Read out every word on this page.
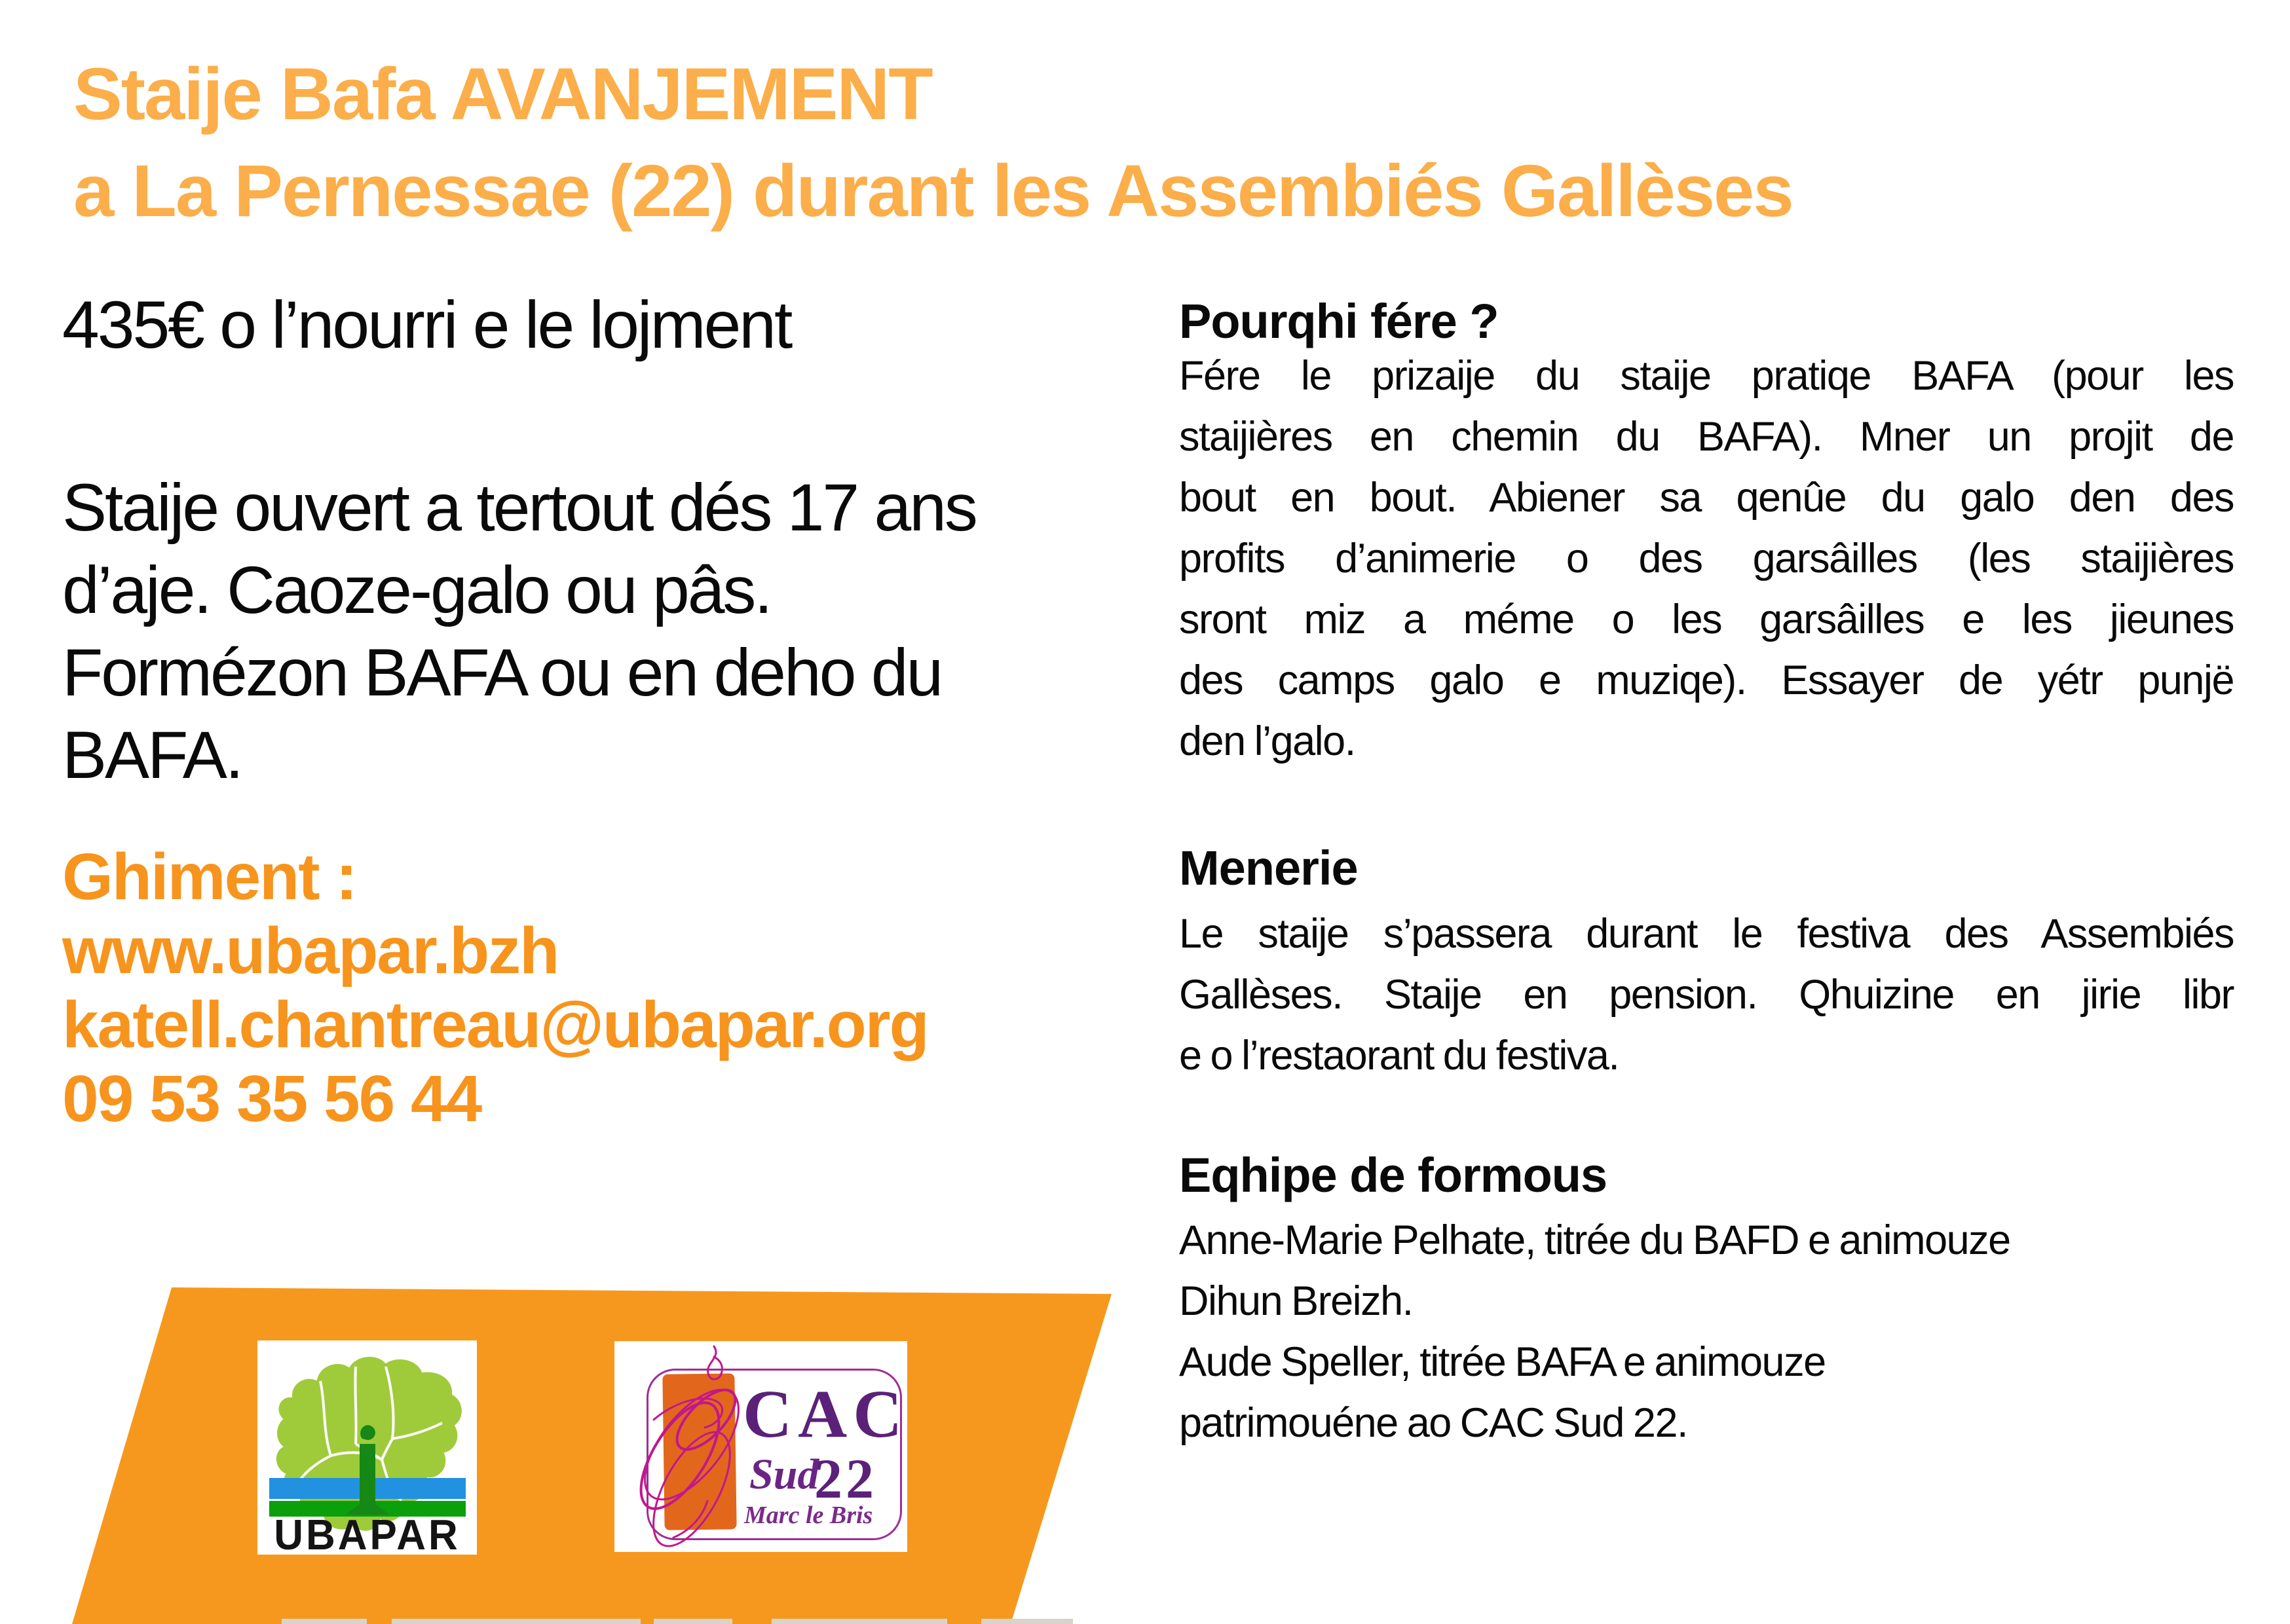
Staije Bafa AVANJEMENT
a La Pernessae (22) durant les Assembiés Gallèses
435€ o l’nourri e le lojment
Staije ouvert a tertout dés 17 ans
d’aje. Caoze-galo ou pâs.
Formézon BAFA ou en deho du
BAFA.
Ghiment :
www.ubapar.bzh
katell.chantreau@ubapar.org
09 53 35 56 44
Pourqhi fére ?
Fére le prizaije du staije pratiqe BAFA (pour les
staijières en chemin du BAFA). Mner un projit de
bout en bout. Abiener sa qenûe du galo den des
profits d’animerie o des garsâilles (les staijières
sront miz a méme o les garsâilles e les jieunes
des camps galo e muziqe). Essayer de yétr punjë
den l’galo.
Menerie
Le staije s’passera durant le festiva des Assembiés
Gallèses. Staije en pension. Qhuizine en jirie libr
e o l’restaorant du festiva.
Eqhipe de formous
Anne-Marie Pelhate, titrée du BAFD e animouze
Dihun Breizh.
Aude Speller, titrée BAFA e animouze
patrimouéne ao CAC Sud 22.
UBAPAR
CAC
Sud
22
Marc le Bris
